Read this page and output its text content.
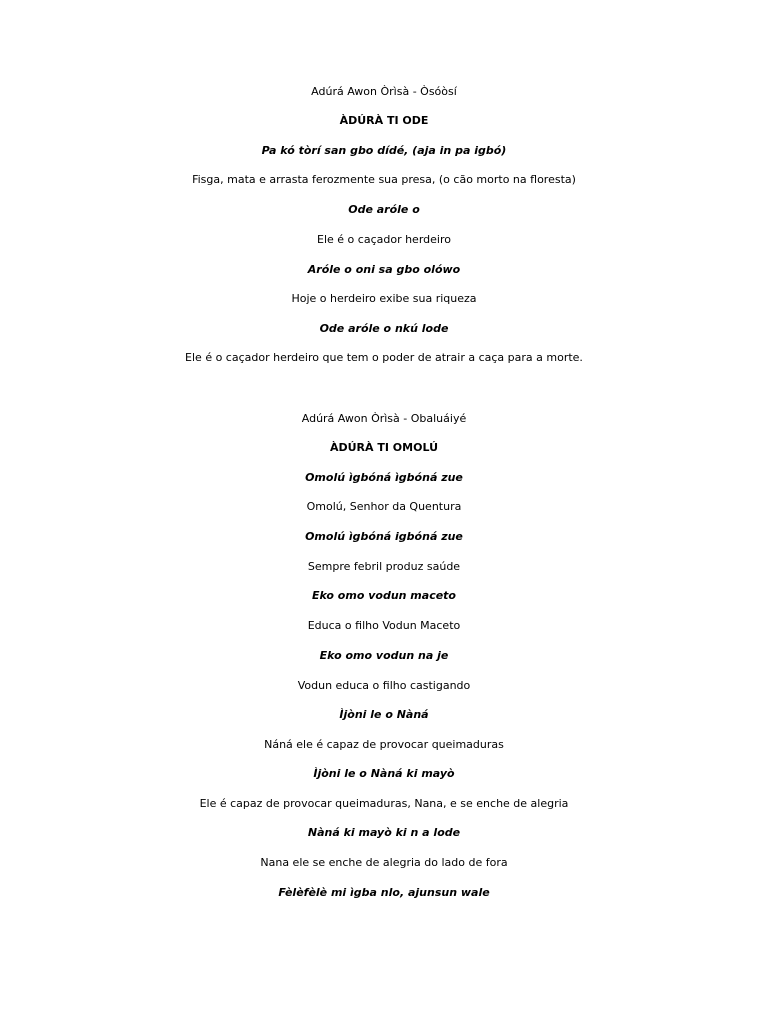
Adúrá Awon Òrìsà - Òsóòsí
ÀDÚRÀ TI ODE
Pa kó tòrí san gbo dídé, (aja in pa igbó)
Fisga, mata e arrasta ferozmente sua presa, (o cão morto na floresta)
Ode aróle o
Ele é o caçador herdeiro
Aróle o oni sa gbo olówo
Hoje o herdeiro exibe sua riqueza
Ode aróle o nkú lode
Ele é o caçador herdeiro que tem o poder de atrair a caça para a morte.
Adúrá Awon Òrìsà - Obaluáiyé
ÀDÚRÀ TI OMOLÚ
Omolú ìgbóná ìgbóná zue
Omolú, Senhor da Quentura
Omolú ìgbóná igbóná zue
Sempre febril produz saúde
Eko omo vodun maceto
Educa o filho Vodun Maceto
Eko omo vodun na je
Vodun educa o filho castigando
Ìjòni le o Nàná
Náná ele é capaz de provocar queimaduras
Ìjòni le o Nàná ki mayò
Ele é capaz de provocar queimaduras, Nana, e se enche de alegria
Nàná ki mayò ki n a lode
Nana ele se enche de alegria do lado de fora
Fèlèfèlè mi ìgba nlo, ajunsun wale
